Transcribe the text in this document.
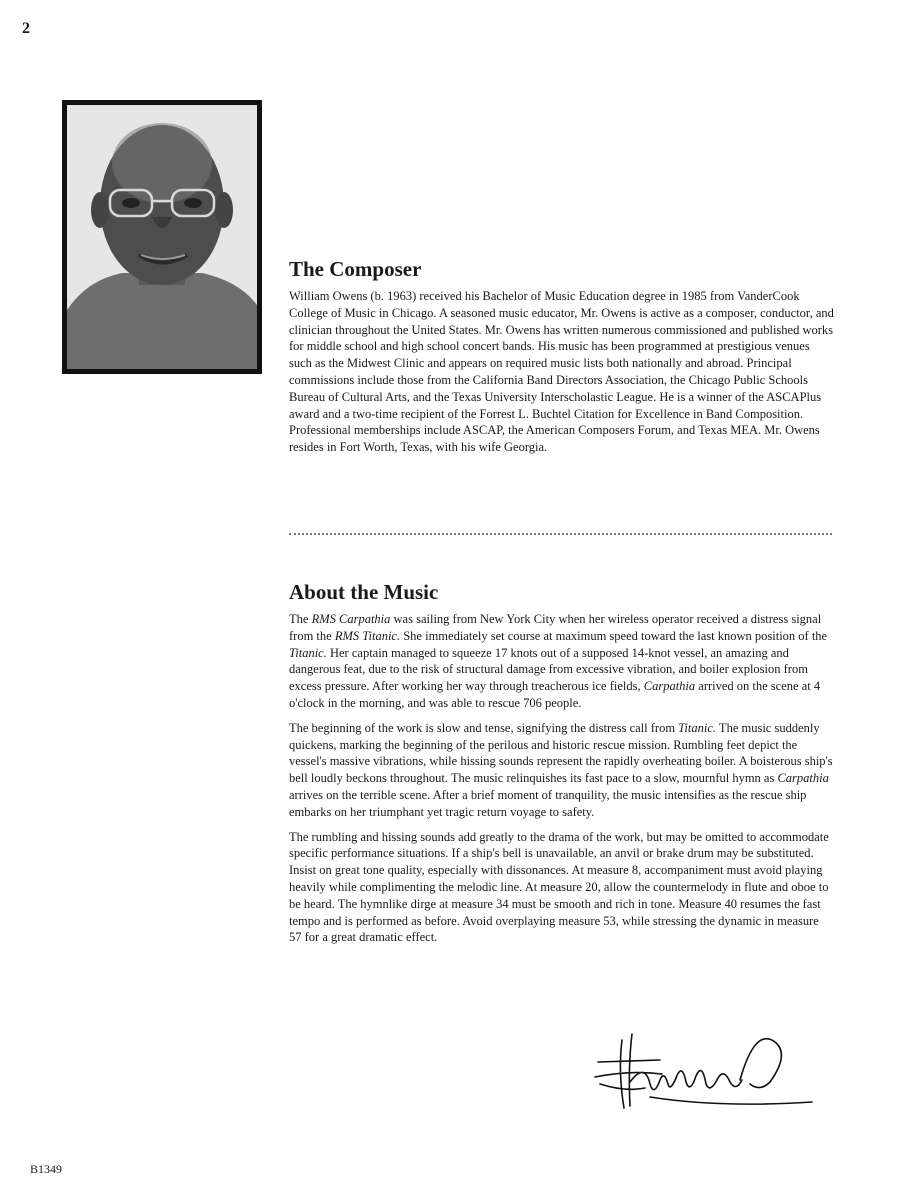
2
The Composer

William Owens (b. 1963) received his Bachelor of Music Education degree in 1985 from VanderCook College of Music in Chicago. A seasoned music educator, Mr. Owens is active as a composer, conductor, and clinician throughout the United States. Mr. Owens has written numerous commissioned and published works for middle school and high school concert bands. His music has been programmed at prestigious venues such as the Midwest Clinic and appears on required music lists both nationally and abroad. Principal commissions include those from the California Band Directors Association, the Chicago Public Schools Bureau of Cultural Arts, and the Texas University Interscholastic League. He is a winner of the ASCAPlus award and a two-time recipient of the Forrest L. Buchtel Citation for Excellence in Band Composition. Professional memberships include ASCAP, the American Composers Forum, and Texas MEA. Mr. Owens resides in Fort Worth, Texas, with his wife Georgia.

About the Music

The RMS Carpathia was sailing from New York City when her wireless operator received a distress signal from the RMS Titanic. She immediately set course at maximum speed toward the last known position of the Titanic. Her captain managed to squeeze 17 knots out of a supposed 14-knot vessel, an amazing and dangerous feat, due to the risk of structural damage from excessive vibration, and boiler explosion from excess pressure. After working her way through treacherous ice fields, Carpathia arrived on the scene at 4 o'clock in the morning, and was able to rescue 706 people.

The beginning of the work is slow and tense, signifying the distress call from Titanic. The music suddenly quickens, marking the beginning of the perilous and historic rescue mission. Rumbling feet depict the vessel's massive vibrations, while hissing sounds represent the rapidly overheating boiler. A boisterous ship's bell loudly beckons throughout. The music relinquishes its fast pace to a slow, mournful hymn as Carpathia arrives on the terrible scene. After a brief moment of tranquility, the music intensifies as the rescue ship embarks on her triumphant yet tragic return voyage to safety.

The rumbling and hissing sounds add greatly to the drama of the work, but may be omitted to accommodate specific performance situations. If a ship's bell is unavailable, an anvil or brake drum may be substituted. Insist on great tone quality, especially with dissonances. At measure 8, accompaniment must avoid playing heavily while complimenting the melodic line. At measure 20, allow the countermelody in flute and oboe to be heard. The hymnlike dirge at measure 34 must be smooth and rich in tone. Measure 40 resumes the fast tempo and is performed as before. Avoid overplaying measure 53, while stressing the dynamic in measure 57 for a great dramatic effect.

B1349
